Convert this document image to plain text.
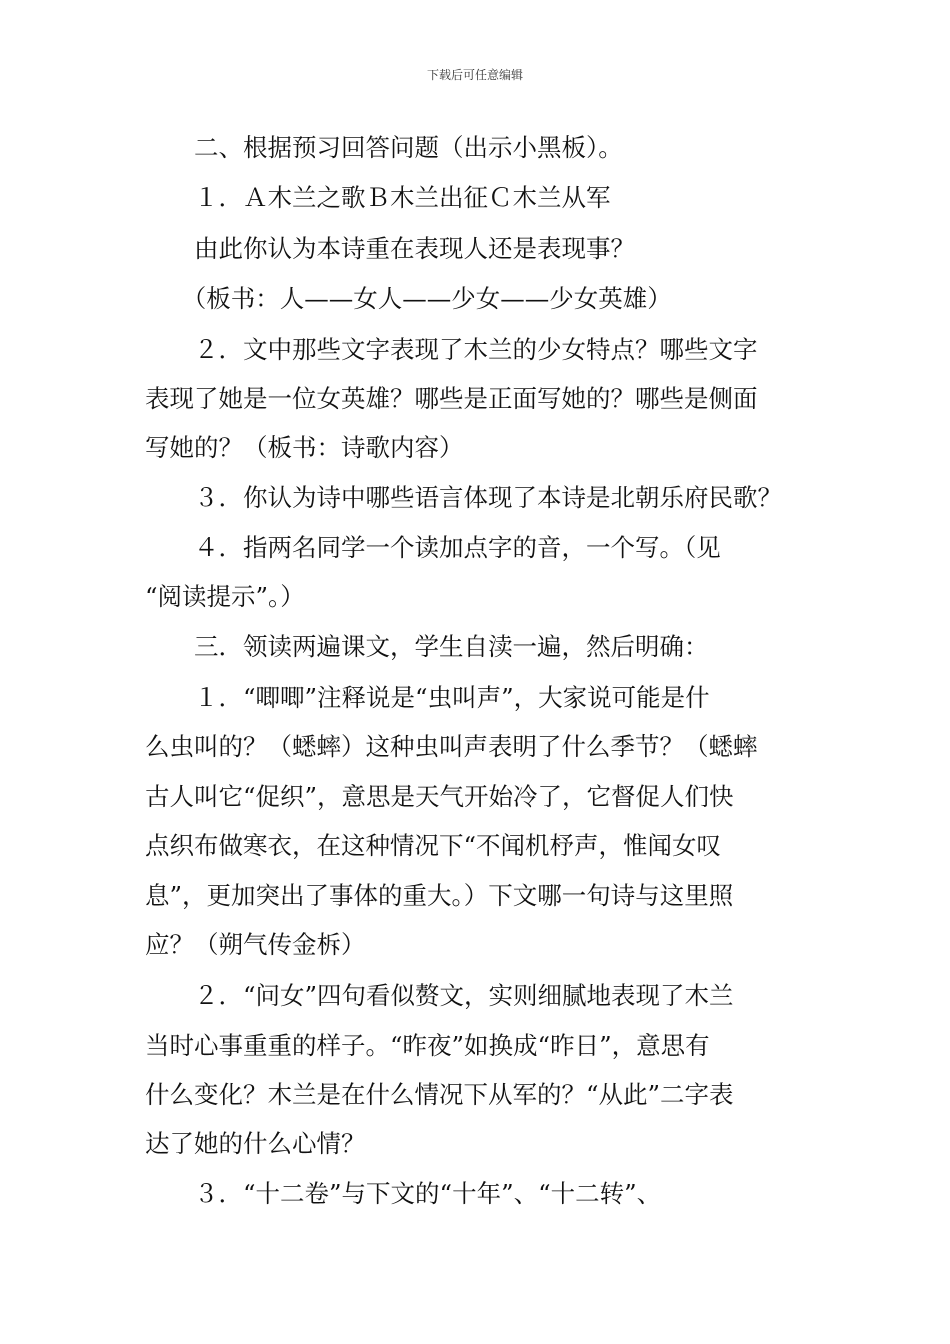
下载后可任意编辑
　　二、根据预习回答问题（出示小黑板）。
　　１．Ａ木兰之歌Ｂ木兰出征Ｃ木兰从军
　　由此你认为本诗重在表现人还是表现事？
　　（板书：人——女人——少女——少女英雄）
　　２．文中那些文字表现了木兰的少女特点？哪些文字
表现了她是一位女英雄？哪些是正面写她的？哪些是侧面
写她的？（板书：诗歌内容）
　　３．你认为诗中哪些语言体现了本诗是北朝乐府民歌？
　　４．指两名同学一个读加点字的音，一个写。（见
“阅读提示”。）
　　三．领读两遍课文，学生自渎一遍，然后明确：
　　１．“唧唧”注释说是“虫叫声”，大家说可能是什
么虫叫的？（蟋蟀）这种虫叫声表明了什么季节？（蟋蟀
古人叫它“促织”，意思是天气开始冷了，它督促人们快
点织布做寒衣，在这种情况下“不闻机杼声，惟闻女叹
息”，更加突出了事体的重大。）下文哪一句诗与这里照
应？（朔气传金柝）
　　２．“问女”四句看似赘文，实则细腻地表现了木兰
当时心事重重的样子。“昨夜”如换成“昨日”，意思有
什么变化？木兰是在什么情况下从军的？“从此”二字表
达了她的什么心情？
　　３．“十二卷”与下文的“十年”、“十二转”、
